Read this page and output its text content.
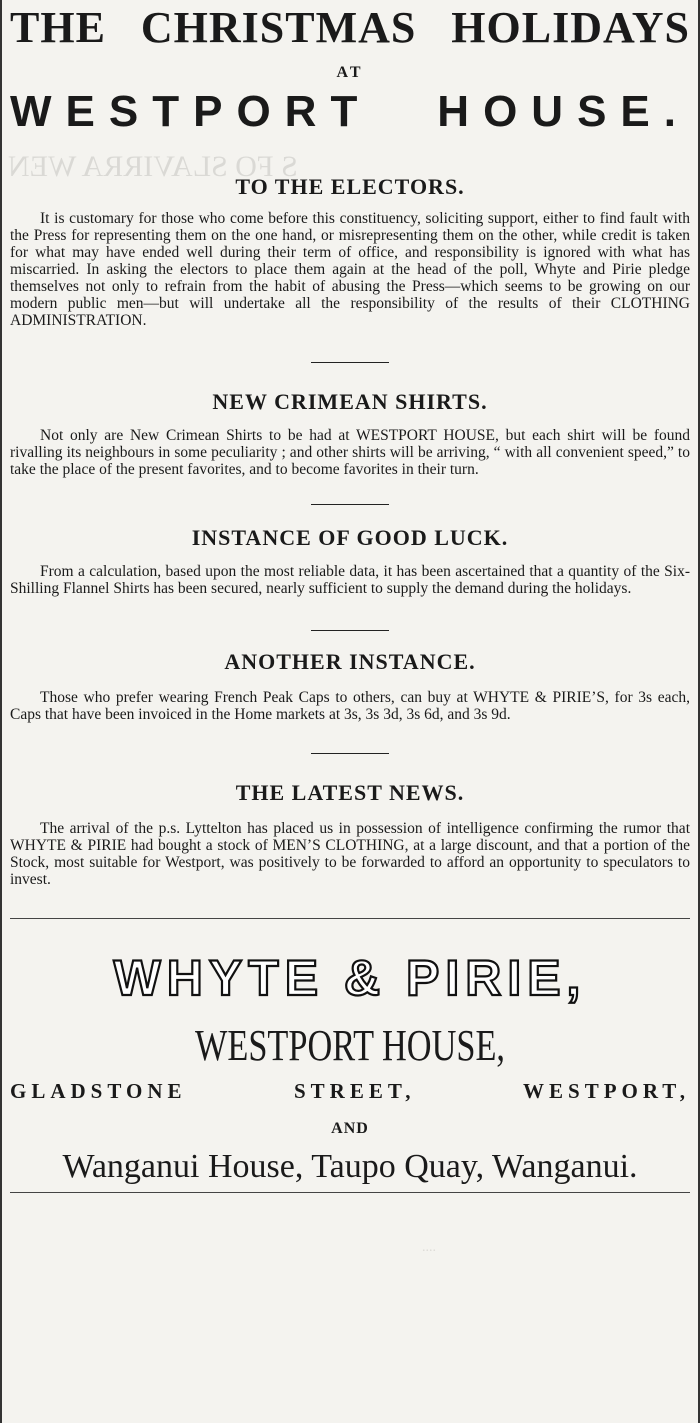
S FO SLAVIRRA WEN
....
THE CHRISTMAS HOLIDAYS
AT
WESTPORT HOUSE.
TO THE ELECTORS.

It is customary for those who come before this constituency, soliciting support, either to find fault with the Press for representing them on the one hand, or misrepresenting them on the other, while credit is taken for what may have ended well during their term of office, and responsibility is ignored with what has miscarried. In asking the electors to place them again at the head of the poll, Whyte and Pirie pledge themselves not only to refrain from the habit of abusing the Press—which seems to be growing on our modern public men—but will undertake all the responsibility of the results of their CLOTHING ADMINISTRATION.

NEW CRIMEAN SHIRTS.

Not only are New Crimean Shirts to be had at WESTPORT HOUSE, but each shirt will be found rivalling its neighbours in some peculiarity ; and other shirts will be arriving, “ with all convenient speed,” to take the place of the present favorites, and to become favorites in their turn.

INSTANCE OF GOOD LUCK.

From a calculation, based upon the most reliable data, it has been ascertained that a quantity of the Six-Shilling Flannel Shirts has been secured, nearly sufficient to supply the demand during the holidays.

ANOTHER INSTANCE.

Those who prefer wearing French Peak Caps to others, can buy at WHYTE & PIRIE’S, for 3s each, Caps that have been invoiced in the Home markets at 3s, 3s 3d, 3s 6d, and 3s 9d.

THE LATEST NEWS.

The arrival of the p.s. Lyttelton has placed us in possession of intelligence confirming the rumor that WHYTE & PIRIE had bought a stock of MEN’S CLOTHING, at a large discount, and that a portion of the Stock, most suitable for Westport, was positively to be forwarded to afford an opportunity to speculators to invest.

WHYTE & PIRIE,
WESTPORT HOUSE,
GLADSTONE	STREET,	WESTPORT,
AND
Wanganui House, Taupo Quay, Wanganui.
